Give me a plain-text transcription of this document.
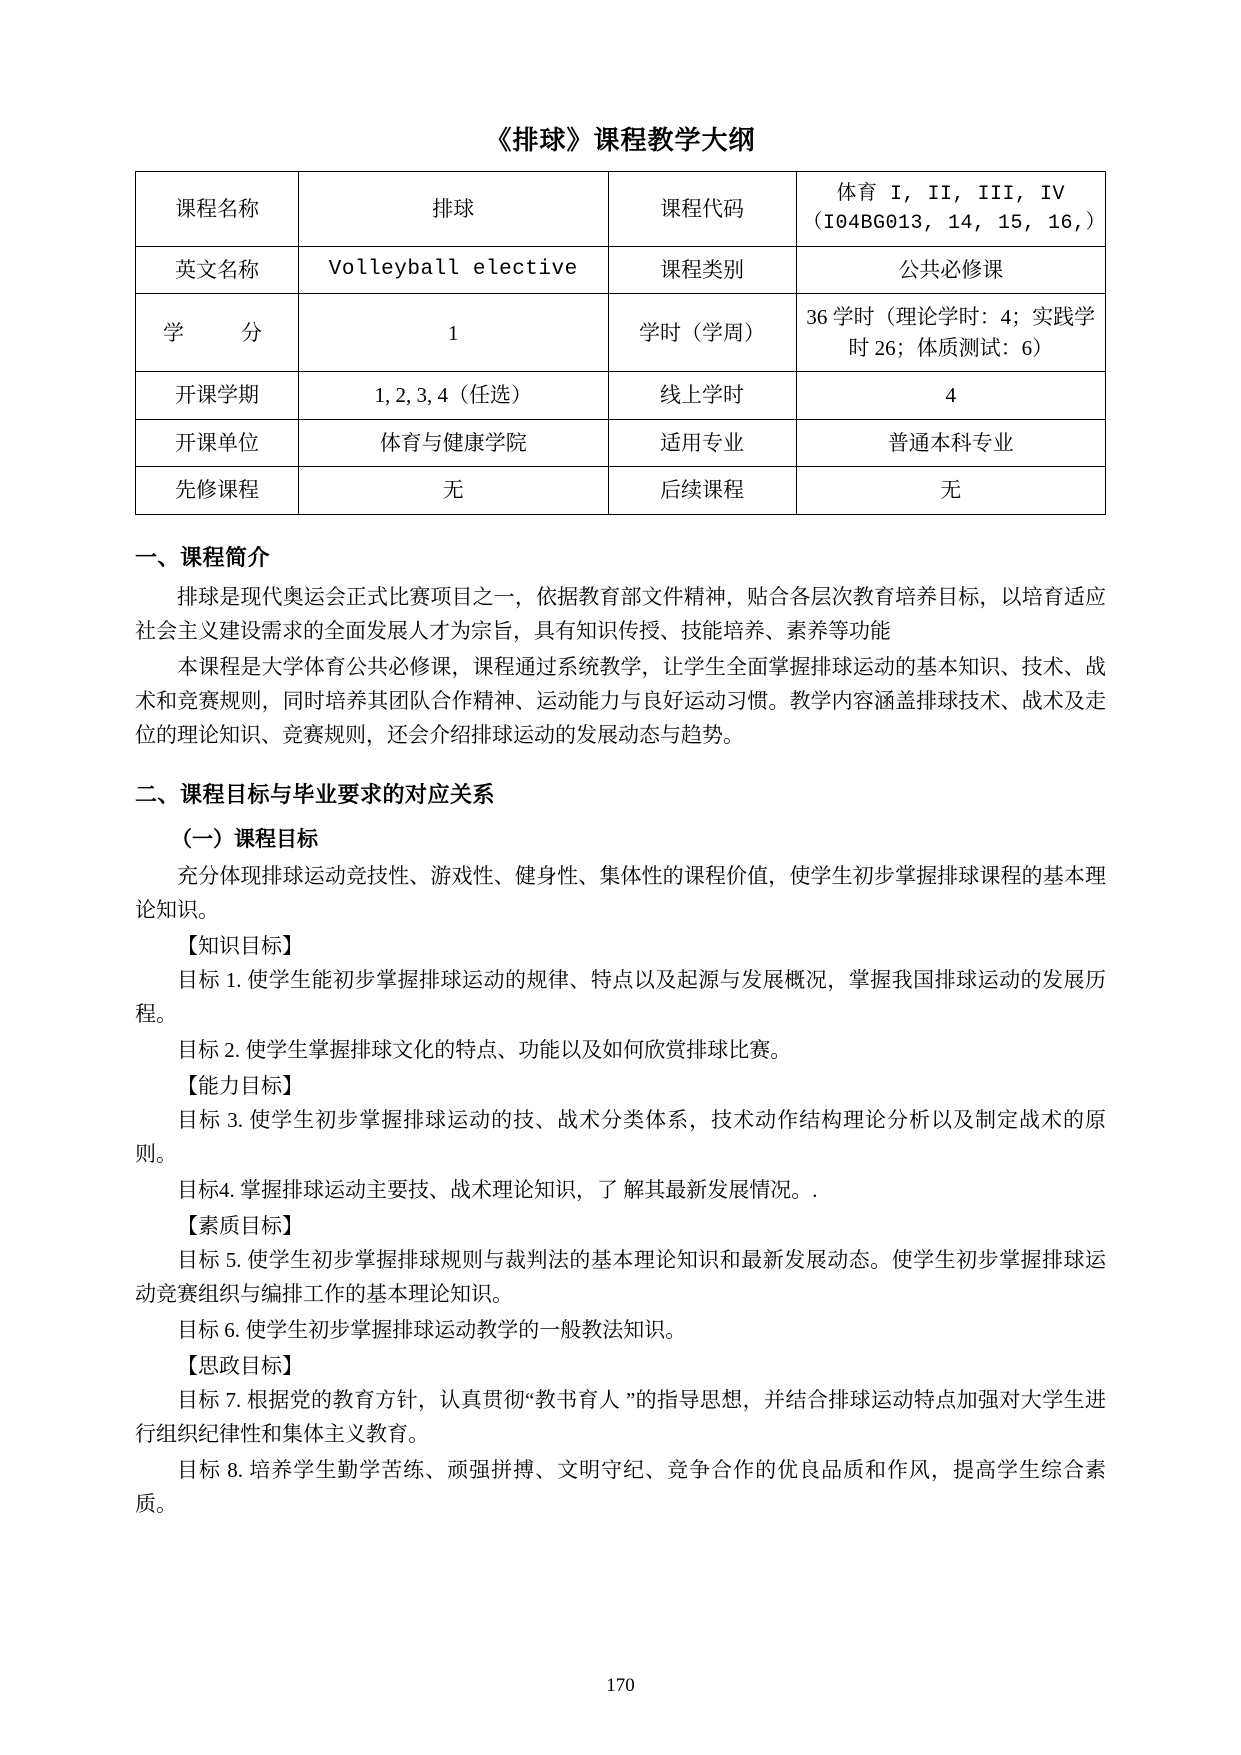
《排球》课程教学大纲
课程名称	排球	课程代码	体育 I, II, III, IV
（I04BG013, 14, 15, 16,）

英文名称	Volleyball elective	课程类别	公共必修课
学　分	1	学时（学周）	36 学时（理论学时：4；实践学时 26；体质测试：6）
开课学期	1, 2, 3, 4（任选）	线上学时	4
开课单位	体育与健康学院	适用专业	普通本科专业
先修课程	无	后续课程	无
一、课程简介

排球是现代奥运会正式比赛项目之一，依据教育部文件精神，贴合各层次教育培养目标，以培育适应社会主义建设需求的全面发展人才为宗旨，具有知识传授、技能培养、素养等功能

本课程是大学体育公共必修课，课程通过系统教学，让学生全面掌握排球运动的基本知识、技术、战术和竞赛规则，同时培养其团队合作精神、运动能力与良好运动习惯。教学内容涵盖排球技术、战术及走位的理论知识、竞赛规则，还会介绍排球运动的发展动态与趋势。

二、课程目标与毕业要求的对应关系
（一）课程目标

充分体现排球运动竞技性、游戏性、健身性、集体性的课程价值，使学生初步掌握排球课程的基本理论知识。

【知识目标】

目标 1. 使学生能初步掌握排球运动的规律、特点以及起源与发展概况，掌握我国排球运动的发展历程。

目标 2. 使学生掌握排球文化的特点、功能以及如何欣赏排球比赛。

【能力目标】

目标 3. 使学生初步掌握排球运动的技、战术分类体系，技术动作结构理论分析以及制定战术的原则。

目标4. 掌握排球运动主要技、战术理论知识，了 解其最新发展情况。.

【素质目标】

目标 5. 使学生初步掌握排球规则与裁判法的基本理论知识和最新发展动态。使学生初步掌握排球运动竞赛组织与编排工作的基本理论知识。

目标 6. 使学生初步掌握排球运动教学的一般教法知识。

【思政目标】

目标 7. 根据党的教育方针，认真贯彻“教书育人 ”的指导思想，并结合排球运动特点加强对大学生进行组织纪律性和集体主义教育。

目标 8. 培养学生勤学苦练、顽强拼搏、文明守纪、竞争合作的优良品质和作风，提高学生综合素质。

170
